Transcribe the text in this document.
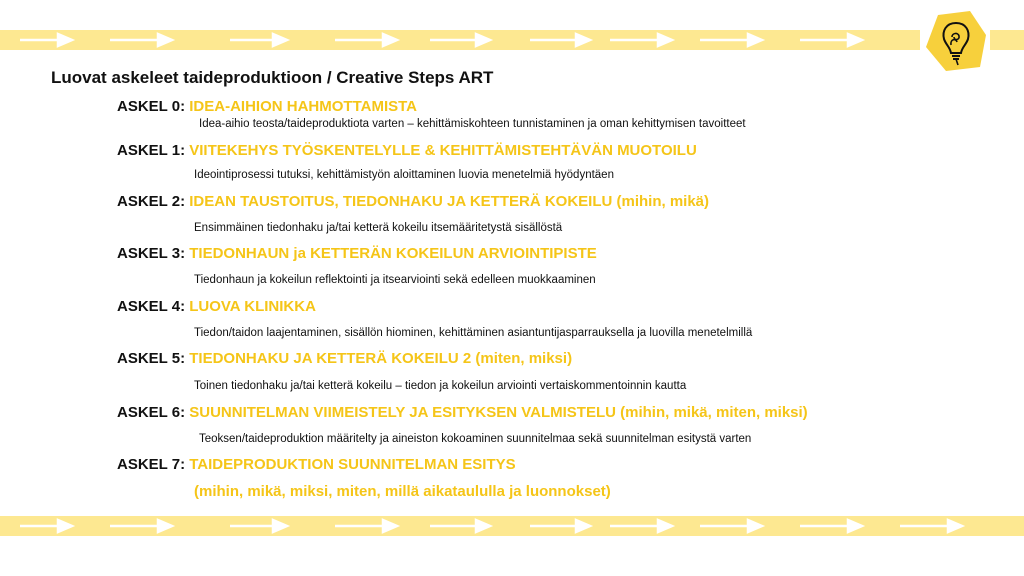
Luovat askeleet taideproduktioon / Creative Steps ART
ASKEL 0: IDEA-AIHION HAHMOTTAMISTA
Idea-aihio teosta/taideproduktiota varten – kehittämiskohteen tunnistaminen ja oman kehittymisen tavoitteet
ASKEL 1: VIITEKEHYS TYÖSKENTELYLLE & KEHITTÄMISTEHTÄVÄN MUOTOILU
Ideointiprosessi tutuksi, kehittämistyön aloittaminen luovia menetelmiä hyödyntäen
ASKEL 2: IDEAN TAUSTOITUS, TIEDONHAKU JA KETTERÄ KOKEILU (mihin, mikä)
Ensimmäinen tiedonhaku ja/tai ketterä kokeilu itsemääritetystä sisällöstä
ASKEL 3: TIEDONHAUN ja KETTERÄN KOKEILUN ARVIOINTIPISTE
Tiedonhaun ja kokeilun reflektointi ja itsearviointi sekä edelleen muokkaaminen
ASKEL 4: LUOVA KLINIKKA
Tiedon/taidon laajentaminen, sisällön hiominen, kehittäminen asiantuntijasparrauksella ja luovilla menetelmillä
ASKEL 5: TIEDONHAKU JA KETTERÄ KOKEILU 2 (miten, miksi)
Toinen tiedonhaku ja/tai ketterä kokeilu – tiedon ja kokeilun arviointi vertaiskommentoinnin kautta
ASKEL 6: SUUNNITELMAN VIIMEISTELY JA ESITYKSEN VALMISTELU (mihin, mikä, miten, miksi)
Teoksen/taideproduktion määritelty ja aineiston kokoaminen suunnitelmaa sekä suunnitelman esitystä varten
ASKEL 7: TAIDEPRODUKTION SUUNNITELMAN ESITYS
(mihin, mikä, miksi, miten, millä aikataululla ja luonnokset)
